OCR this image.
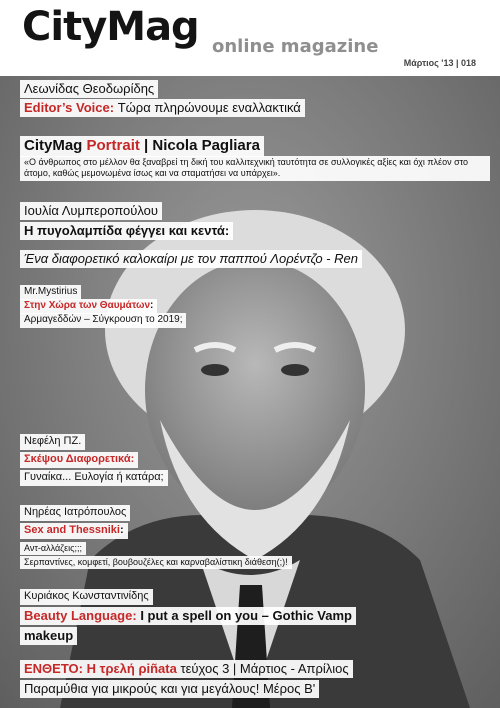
CityMag online magazine
Μάρτιος '13 | 018
Λεωνίδας Θεοδωρίδης
Editor’s Voice: Τώρα πληρώνουμε εναλλακτικά
CityMag Portrait | Nicola Pagliara
«Ο άνθρωπος στο μέλλον θα ξαναβρεί τη δική του καλλιτεχνική ταυτότητα σε συλλογικές αξίες και όχι πλέον στο άτομο, καθώς μεμονωμένα ίσως και να σταματήσει να υπάρχει».
Ιουλία Λυμπεροπούλου
Η πυγολαμπίδα φέγγει και κεντά:
Ένα διαφορετικό καλοκαίρι με τον παππού Λορέντζο - Ren
Mr.Mystirius
Στην Χώρα των Θαυμάτων:
Αρμαγεδδών – Σύγκρουση το 2019;
Νεφέλη ΠΖ.
Σκέψου Διαφορετικά:
Γυναίκα... Ευλογία ή κατάρα;
Νηρέας Ιατρόπουλος
Sex and Thessniki:
Αντ-αλλάζεις;;;
Σερπαντίνες, κομφετί, βουβουζέλες και καρναβαλίστικη διάθεση(;)!
Κυριάκος Κωνσταντινίδης
Beauty Language: I put a spell on you – Gothic Vamp
makeup
ΕΝΘΕΤΟ: Η τρελή ρiñata τεύχος 3 | Μάρτιος - Απρίλιος
Παραμύθια για μικρούς και για μεγάλους! Μέρος Β'
